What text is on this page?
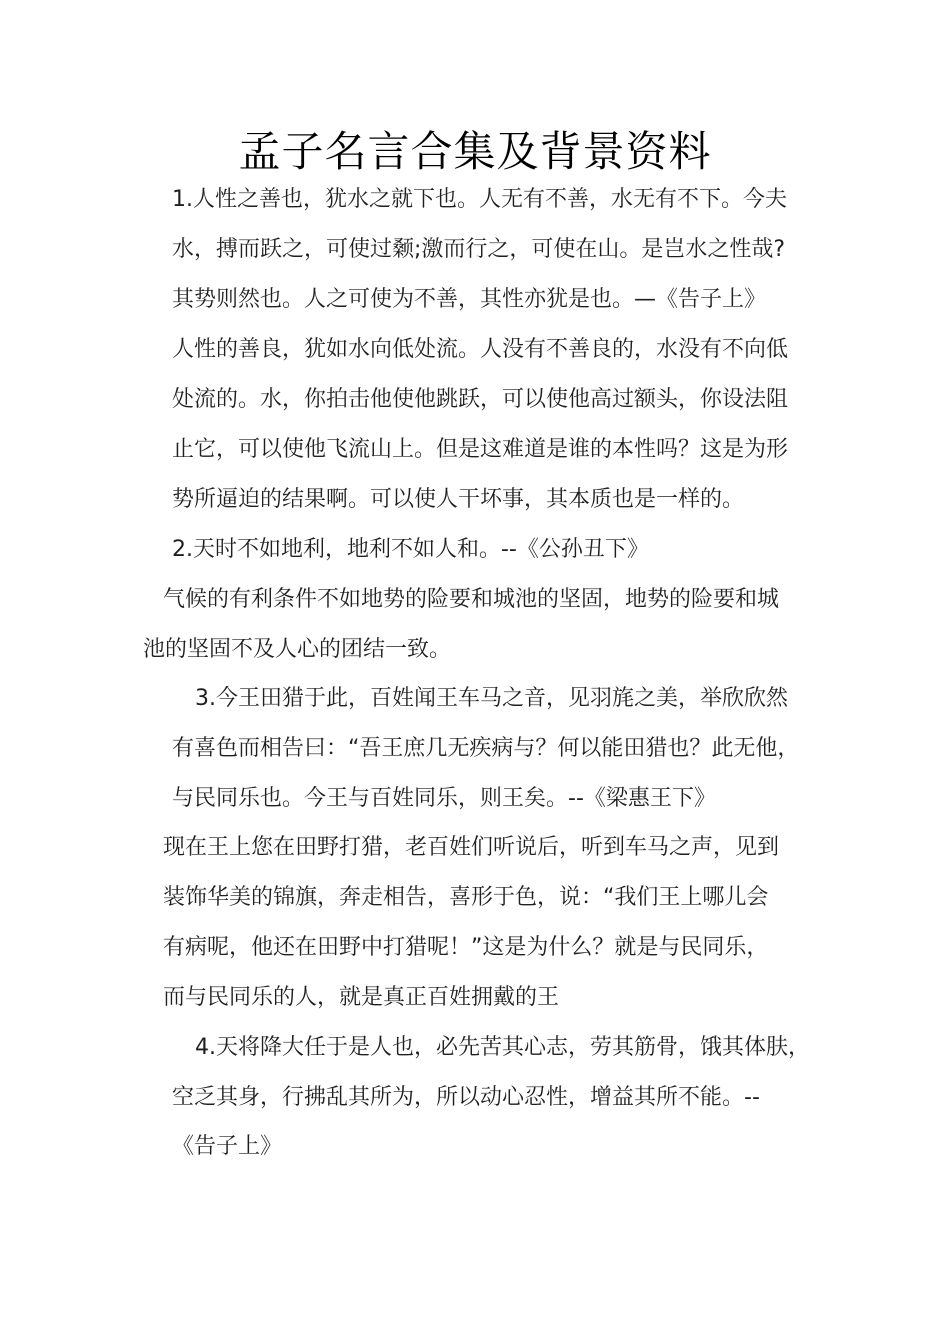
孟子名言合集及背景资料
1.人性之善也，犹水之就下也。人无有不善，水无有不下。今夫
水，搏而跃之，可使过颡;激而行之，可使在山。是岂水之性哉?
其势则然也。人之可使为不善，其性亦犹是也。—《告子上》
人性的善良，犹如水向低处流。人没有不善良的，水没有不向低
处流的。水，你拍击他使他跳跃，可以使他高过额头，你设法阻
止它，可以使他飞流山上。但是这难道是谁的本性吗？这是为形
势所逼迫的结果啊。可以使人干坏事，其本质也是一样的。
2.天时不如地利，地利不如人和。--《公孙丑下》
气候的有利条件不如地势的险要和城池的坚固，地势的险要和城
池的坚固不及人心的团结一致。
3.今王田猎于此，百姓闻王车马之音，见羽旄之美，举欣欣然
有喜色而相告曰：“吾王庶几无疾病与？何以能田猎也？此无他，
与民同乐也。今王与百姓同乐，则王矣。--《梁惠王下》
现在王上您在田野打猎，老百姓们听说后，听到车马之声，见到
装饰华美的锦旗，奔走相告，喜形于色，说：“我们王上哪儿会
有病呢，他还在田野中打猎呢！”这是为什么？就是与民同乐，
而与民同乐的人，就是真正百姓拥戴的王
4.天将降大任于是人也，必先苦其心志，劳其筋骨，饿其体肤，
空乏其身，行拂乱其所为，所以动心忍性，增益其所不能。--
《告子上》
